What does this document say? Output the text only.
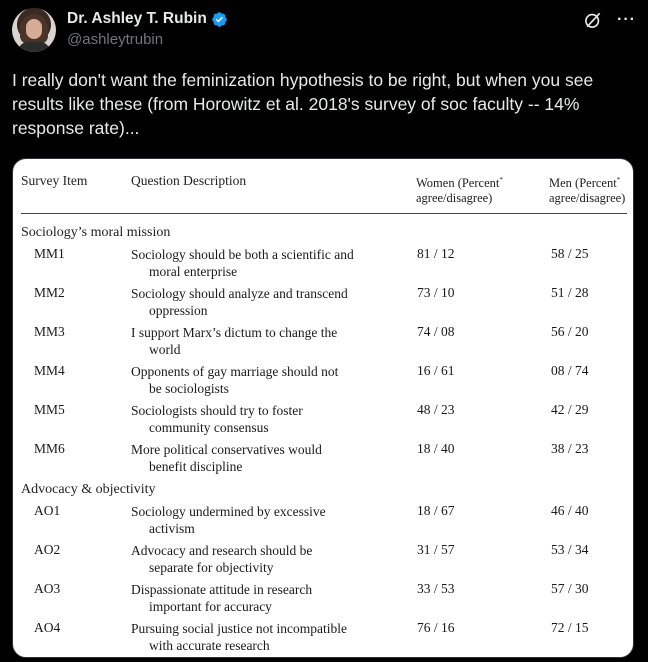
Dr. Ashley T. Rubin
@ashleytrubin
···
I really don't want the feminization hypothesis to be right, but when you see results like these (from Horowitz et al. 2018's survey of soc faculty -- 14% response rate)...
Survey Item	Question Description	Women (Percent*
agree/disagree)
Men (Percent*
agree/disagree)
Sociology’s moral mission
MM1	Sociology should be both a scientific and
moral enterprise
81 / 12	58 / 25
MM2	Sociology should analyze and transcend
oppression
73 / 10	51 / 28
MM3	I support Marx’s dictum to change the
world
74 / 08	56 / 20
MM4	Opponents of gay marriage should not
be sociologists
16 / 61	08 / 74
MM5	Sociologists should try to foster
community consensus
48 / 23	42 / 29
MM6	More political conservatives would
benefit discipline
18 / 40	38 / 23
Advocacy & objectivity
AO1	Sociology undermined by excessive
activism
18 / 67	46 / 40
AO2	Advocacy and research should be
separate for objectivity
31 / 57	53 / 34
AO3	Dispassionate attitude in research
important for accuracy
33 / 53	57 / 30
AO4	Pursuing social justice not incompatible
with accurate research
76 / 16	72 / 15
